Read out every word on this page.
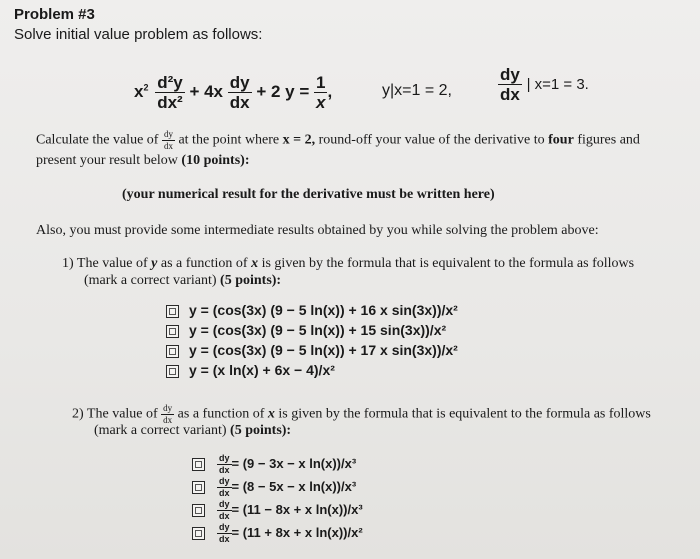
Problem #3
Solve initial value problem as follows:
$x^2 \frac{\text{d²y}}{\text{dx²}} + 4x \frac{dy}{dx} + 2$ $y = \frac{1}{x}$ ,	y|x=1 = 2,	$\frac{dy}{dx}$ | x=1 = 3.
Calculate the value of $\frac{dy}{dx}$ at the point where x = 2, round-off your value of the derivative to four figures and
present your result below (10 points):
(your numerical result for the derivative must be written here)
Also, you must provide some intermediate results obtained by you while solving the problem above:
1) The value of y as a function of x is given by the formula that is equivalent to the formula as follows
(mark a correct variant) (5 points):
y = (cos(3x) (9 − 5 ln(x)) + 16 x sin(3x))/x²
y = (cos(3x) (9 − 5 ln(x)) + 15 sin(3x))/x²
y = (cos(3x) (9 − 5 ln(x)) + 17 x sin(3x))/x²
y = (x ln(x) + 6x − 4)/x²
2) The value of $\frac{dy}{dx}$ as a function of x is given by the formula that is equivalent to the formula as follows
(mark a correct variant) (5 points):
$\frac{dy}{dx} = (9 - 3x - x$ ln(x))/x³
$\frac{dy}{dx} = (8 - 5x - x$ ln(x))/x³
$\frac{dy}{dx} = (11 - 8x + x$ ln(x))/x³
$\frac{dy}{dx} = (11 + 8x + x$ ln(x))/x²
